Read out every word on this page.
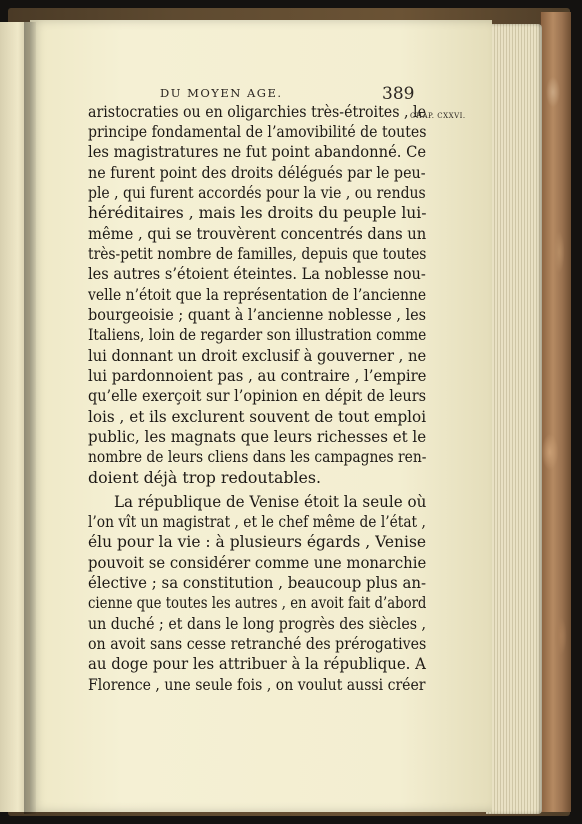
DU MOYEN AGE.	389
CHAP. CXXVI.
aristocraties ou en oligarchies très-étroites , le
principe fondamental de l’amovibilité de toutes
les magistratures ne fut point abandonné. Ce
ne furent point des droits délégués par le peu-
ple , qui furent accordés pour la vie , ou rendus
héréditaires , mais les droits du peuple lui-
même , qui se trouvèrent concentrés dans un
très-petit nombre de familles, depuis que toutes
les autres s’étoient éteintes. La noblesse nou-
velle n’étoit que la représentation de l’ancienne
bourgeoisie ; quant à l’ancienne noblesse , les
Italiens, loin de regarder son illustration comme
lui donnant un droit exclusif à gouverner , ne
lui pardonnoient pas , au contraire , l’empire
qu’elle exerçoit sur l’opinion en dépit de leurs
lois , et ils exclurent souvent de tout emploi
public, les magnats que leurs richesses et le
nombre de leurs cliens dans les campagnes ren-
doient déjà trop redoutables.
La république de Venise étoit la seule où
l’on vît un magistrat , et le chef même de l’état ,
élu pour la vie : à plusieurs égards , Venise
pouvoit se considérer comme une monarchie
élective ; sa constitution , beaucoup plus an-
cienne que toutes les autres , en avoit fait d’abord
un duché ; et dans le long progrès des siècles ,
on avoit sans cesse retranché des prérogatives
au doge pour les attribuer à la république. A
Florence , une seule fois , on voulut aussi créer
